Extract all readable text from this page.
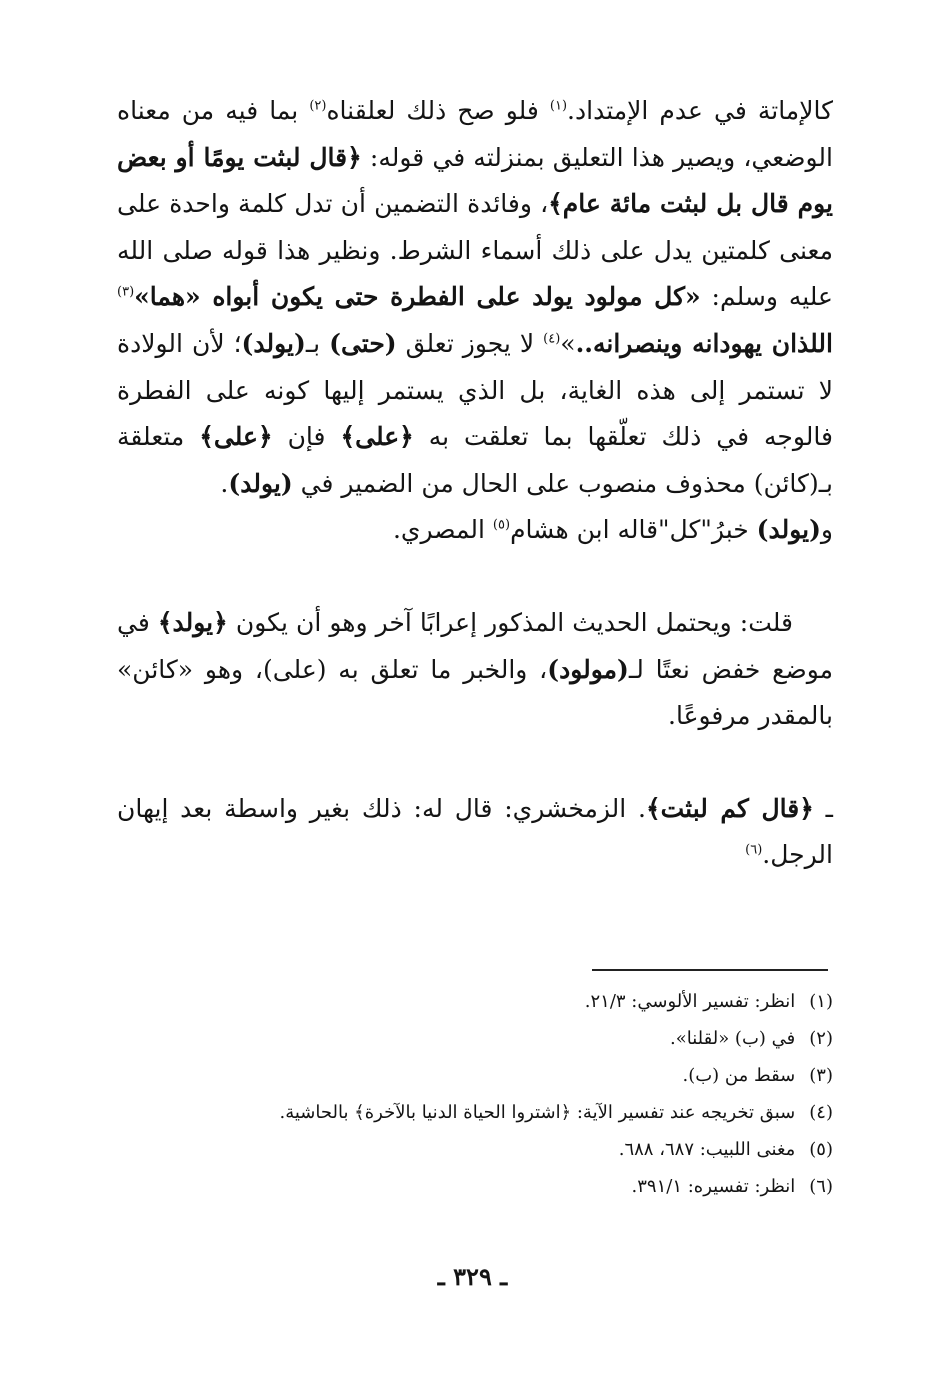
كالإماتة في عدم الإمتداد.$^{(١)}$ فلو صح ذلك لعلقناه$^{(٢)}$ بما فيه من معناه الوضعي، ويصير هذا التعليق بمنزلته في قوله: ﴿قال لبثت يومًا أو بعض يوم قال بل لبثت مائة عام﴾، وفائدة التضمين أن تدل كلمة واحدة على معنى كلمتين يدل على ذلك أسماء الشرط. ونظير هذا قوله صلى الله عليه وسلم: «كل مولود يولد على الفطرة حتى يكون أبواه «هما»$^{(٣)}$ اللذان يهودانه وينصرانه..»$^{(٤)}$ لا يجوز تعلق (حتى) بـ(يولد)؛ لأن الولادة لا تستمر إلى هذه الغاية، بل الذي يستمر إليها كونه على الفطرة فالوجه في ذلك تعلّقها بما تعلقت به ﴿على﴾ فإن ﴿على﴾ متعلقة بـ(كائن) محذوف منصوب على الحال من الضمير في (يولد).

و(يولد) خبرُ"كل"قاله ابن هشام$^{(٥)}$ المصري.

قلت: ويحتمل الحديث المذكور إعرابًا آخر وهو أن يكون ﴿يولد﴾ في موضع خفض نعتًا لـ(مولود)، والخبر ما تعلق به (على)، وهو «كائن» بالمقدر مرفوعًا.

ـ ﴿قال كم لبثت﴾. الزمخشري: قال له: ذلك بغير واسطة بعد إيهان الرجل.$^{(٦)}$

(١) انظر: تفسير الألوسي: ٢١/٣.
(٢) في (ب) «لقلنا».
(٣) سقط من (ب).
(٤) سبق تخريجه عند تفسير الآية: ﴿اشتروا الحياة الدنيا بالآخرة﴾ بالحاشية.
(٥) مغنى اللبيب: ٦٨٧، ٦٨٨.
(٦) انظر: تفسيره: ٣٩١/١.
ـ ٣٢٩ ـ
